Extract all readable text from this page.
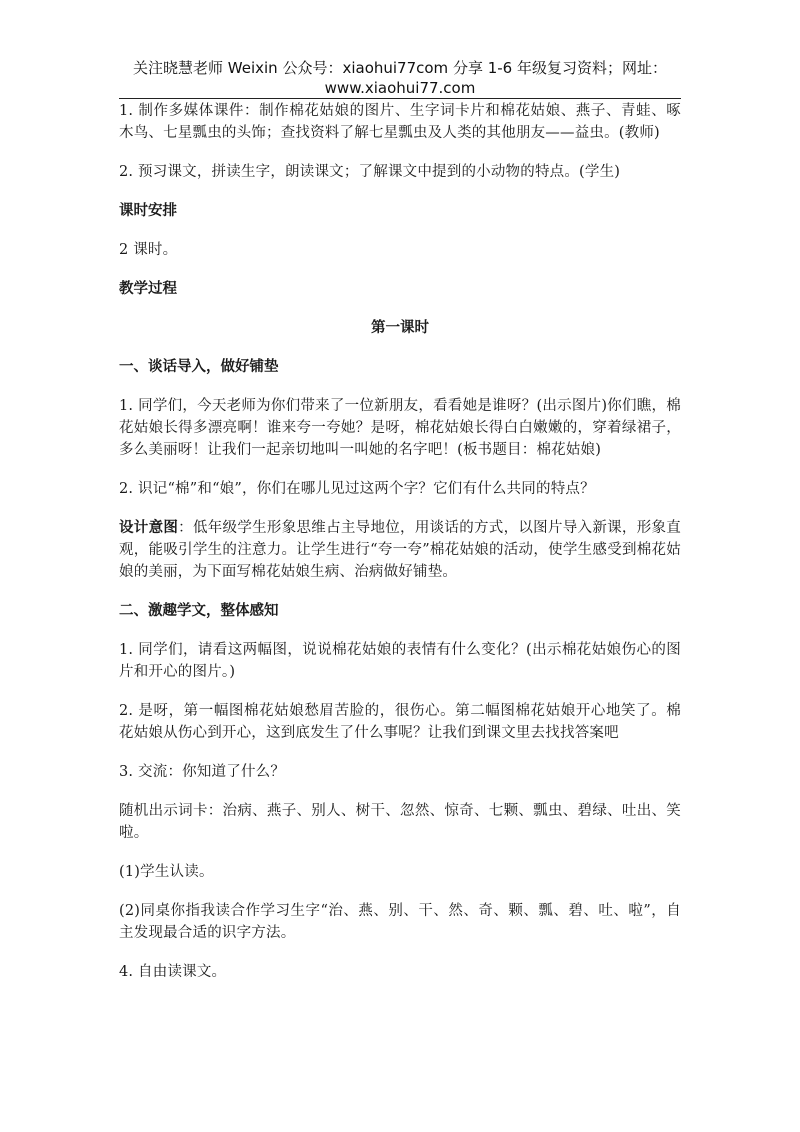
关注晓慧老师 Weixin 公众号：xiaohui77com 分享 1-6 年级复习资料；网址：
www.xiaohui77.com

1. 制作多媒体课件：制作棉花姑娘的图片、生字词卡片和棉花姑娘、燕子、青蛙、啄木鸟、七星瓢虫的头饰；查找资料了解七星瓢虫及人类的其他朋友——益虫。(教师)

2. 预习课文，拼读生字，朗读课文；了解课文中提到的小动物的特点。(学生)

课时安排

2 课时。

教学过程

第一课时

一、谈话导入，做好铺垫

1. 同学们，今天老师为你们带来了一位新朋友，看看她是谁呀？(出示图片)你们瞧，棉花姑娘长得多漂亮啊！谁来夸一夸她？是呀，棉花姑娘长得白白嫩嫩的，穿着绿裙子，多么美丽呀！让我们一起亲切地叫一叫她的名字吧！(板书题目：棉花姑娘)

2. 识记“棉”和“娘”，你们在哪儿见过这两个字？它们有什么共同的特点？

设计意图：低年级学生形象思维占主导地位，用谈话的方式，以图片导入新课，形象直观，能吸引学生的注意力。让学生进行“夸一夸”棉花姑娘的活动，使学生感受到棉花姑娘的美丽，为下面写棉花姑娘生病、治病做好铺垫。

二、激趣学文，整体感知

1. 同学们，请看这两幅图，说说棉花姑娘的表情有什么变化？(出示棉花姑娘伤心的图片和开心的图片。)

2. 是呀，第一幅图棉花姑娘愁眉苦脸的，很伤心。第二幅图棉花姑娘开心地笑了。棉花姑娘从伤心到开心，这到底发生了什么事呢？让我们到课文里去找找答案吧

3. 交流：你知道了什么？

随机出示词卡：治病、燕子、别人、树干、忽然、惊奇、七颗、瓢虫、碧绿、吐出、笑啦。

(1)学生认读。

(2)同桌你指我读合作学习生字“治、燕、别、干、然、奇、颗、瓢、碧、吐、啦”，自主发现最合适的识字方法。

4. 自由读课文。
